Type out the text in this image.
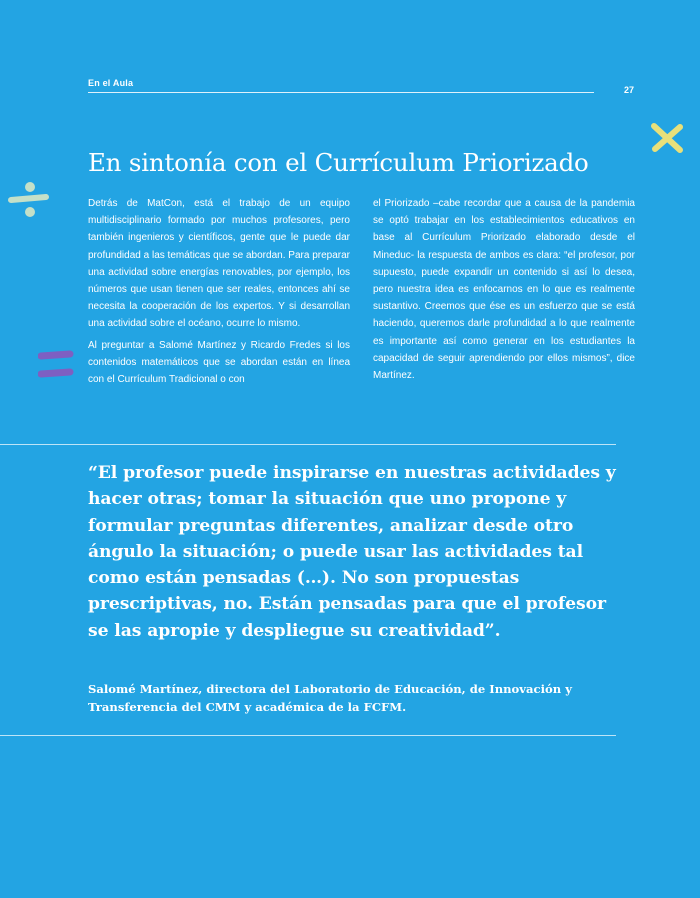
En el Aula
27
En sintonía con el Currículum Priorizado

Detrás de MatCon, está el trabajo de un equipo multidisciplinario formado por muchos profesores, pero también ingenieros y científicos, gente que le puede dar profundidad a las temáticas que se abordan. Para preparar una actividad sobre energías renovables, por ejemplo, los números que usan tienen que ser reales, entonces ahí se necesita la cooperación de los expertos. Y si desarrollan una actividad sobre el océano, ocurre lo mismo.

Al preguntar a Salomé Martínez y Ricardo Fredes si los contenidos matemáticos que se abordan están en línea con el Currículum Tradicional o con

el Priorizado –cabe recordar que a causa de la pandemia se optó trabajar en los establecimientos educativos en base al Currículum Priorizado elaborado desde el Mineduc- la respuesta de ambos es clara: “el profesor, por supuesto, puede expandir un contenido si así lo desea, pero nuestra idea es enfocarnos en lo que es realmente sustantivo. Creemos que ése es un esfuerzo que se está haciendo, queremos darle profundidad a lo que realmente es importante así como generar en los estudiantes la capacidad de seguir aprendiendo por ellos mismos”, dice Martínez.

“El profesor puede inspirarse en nuestras actividades y hacer otras; tomar la situación que uno propone y formular preguntas diferentes, analizar desde otro ángulo la situación; o puede usar las actividades tal como están pensadas (…). No son propuestas prescriptivas, no. Están pensadas para que el profesor se las apropie y despliegue su creatividad”.

Salomé Martínez, directora del Laboratorio de Educación, de Innovación y Transferencia del CMM y académica de la FCFM.
